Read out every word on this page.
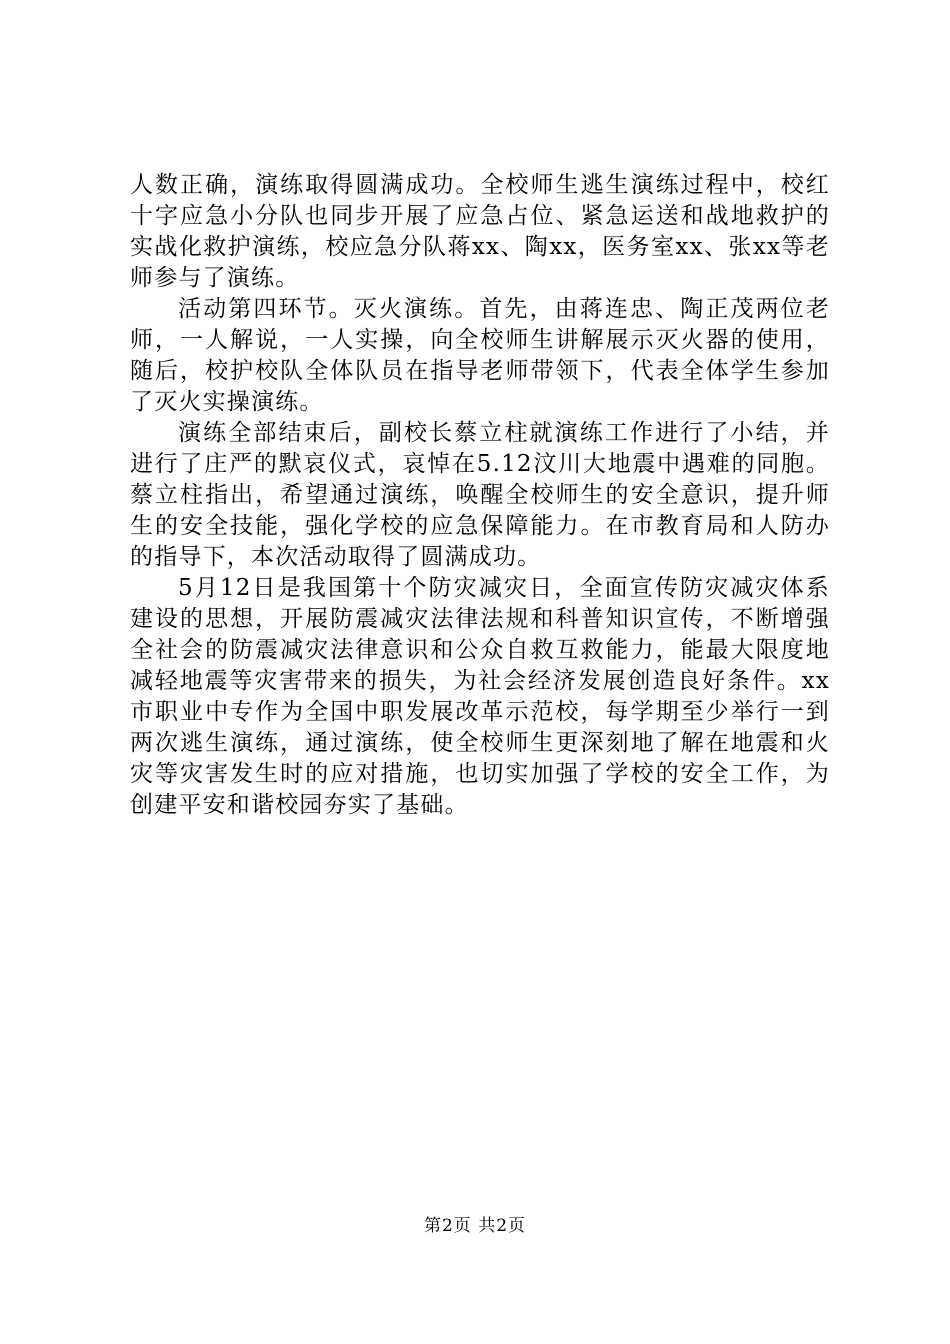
人数正确，演练取得圆满成功。全校师生逃生演练过程中，校红十字应急小分队也同步开展了应急占位、紧急运送和战地救护的实战化救护演练，校应急分队蒋xx、陶xx，医务室xx、张xx等老师参与了演练。

活动第四环节。灭火演练。首先，由蒋连忠、陶正茂两位老师，一人解说，一人实操，向全校师生讲解展示灭火器的使用，随后，校护校队全体队员在指导老师带领下，代表全体学生参加了灭火实操演练。

演练全部结束后，副校长蔡立柱就演练工作进行了小结，并进行了庄严的默哀仪式，哀悼在5.12汶川大地震中遇难的同胞。蔡立柱指出，希望通过演练，唤醒全校师生的安全意识，提升师生的安全技能，强化学校的应急保障能力。在市教育局和人防办的指导下，本次活动取得了圆满成功。

5月12日是我国第十个防灾减灾日，全面宣传防灾减灾体系建设的思想，开展防震减灾法律法规和科普知识宣传，不断增强全社会的防震减灾法律意识和公众自救互救能力，能最大限度地减轻地震等灾害带来的损失，为社会经济发展创造良好条件。xx市职业中专作为全国中职发展改革示范校，每学期至少举行一到两次逃生演练，通过演练，使全校师生更深刻地了解在地震和火灾等灾害发生时的应对措施，也切实加强了学校的安全工作，为创建平安和谐校园夯实了基础。

第2页 共2页
